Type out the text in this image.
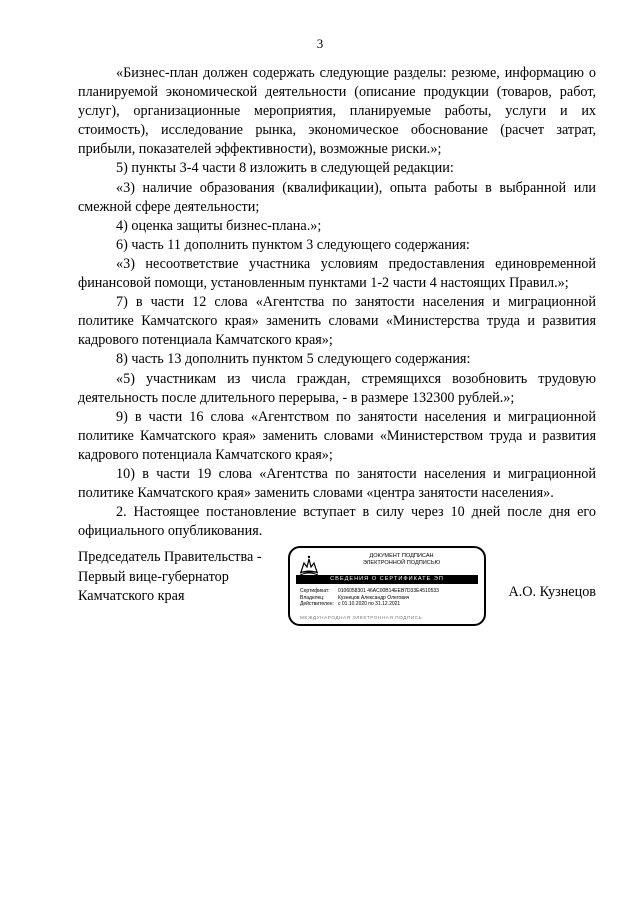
3

«Бизнес-план должен содержать следующие разделы: резюме, информацию о планируемой экономической деятельности (описание продукции (товаров, работ, услуг), организационные мероприятия, планируемые работы, услуги и их стоимость), исследование рынка, экономическое обоснование (расчет затрат, прибыли, показателей эффективности), возможные риски.»;

5) пункты 3-4 части 8 изложить в следующей редакции:

«3) наличие образования (квалификации), опыта работы в выбранной или смежной сфере деятельности;

4) оценка защиты бизнес-плана.»;

6) часть 11 дополнить пунктом 3 следующего содержания:

«3) несоответствие участника условиям предоставления единовременной финансовой помощи, установленным пунктами 1-2 части 4 настоящих Правил.»;

7) в части 12 слова «Агентства по занятости населения и миграционной политике Камчатского края» заменить словами «Министерства труда и развития кадрового потенциала Камчатского края»;

8) часть 13 дополнить пунктом 5 следующего содержания:

«5) участникам из числа граждан, стремящихся возобновить трудовую деятельность после длительного перерыва, - в размере 132300 рублей.»;

9) в части 16 слова «Агентством по занятости населения и миграционной политике Камчатского края» заменить словами «Министерством труда и развития кадрового потенциала Камчатского края»;

10) в части 19 слова «Агентства по занятости населения и миграционной политике Камчатского края» заменить словами «центра занятости населения».

2. Настоящее постановление вступает в силу через 10 дней после дня его официального опубликования.

Председатель Правительства -
Первый вице-губернатор
Камчатского края
ДОКУМЕНТ ПОДПИСАН
ЭЛЕКТРОННОЙ ПОДПИСЬЮ
СВЕДЕНИЯ О СЕРТИФИКАТЕ ЭП
Сертификат:	0106058301 46AC00B14EEB7D33E4510533
Владелец:	Кузнецов Александр Олегович
Действителен: с 01.10.2020 по 31.12.2021
МЕЖДУНАРОДНАЯ ЭЛЕКТРОННАЯ ПОДПИСЬ
А.О. Кузнецов
